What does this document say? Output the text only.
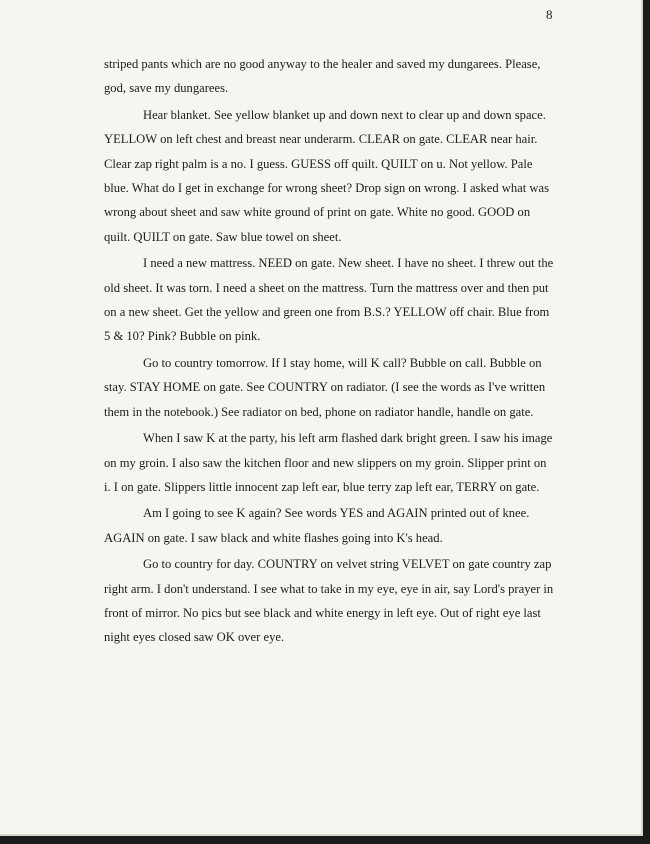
8

striped pants which are no good anyway to the healer and saved my dungarees. Please, god, save my dungarees.

Hear blanket. See yellow blanket up and down next to clear up and down space. YELLOW on left chest and breast near underarm. CLEAR on gate. CLEAR near hair. Clear zap right palm is a no. I guess. GUESS off quilt. QUILT on u. Not yellow. Pale blue. What do I get in exchange for wrong sheet? Drop sign on wrong. I asked what was wrong about sheet and saw white ground of print on gate. White no good. GOOD on quilt. QUILT on gate. Saw blue towel on sheet.

I need a new mattress. NEED on gate. New sheet. I have no sheet. I threw out the old sheet. It was torn. I need a sheet on the mattress. Turn the mattress over and then put on a new sheet. Get the yellow and green one from B.S.? YELLOW off chair. Blue from 5 & 10? Pink? Bubble on pink.

Go to country tomorrow. If I stay home, will K call? Bubble on call. Bubble on stay. STAY HOME on gate. See COUNTRY on radiator. (I see the words as I've written them in the notebook.) See radiator on bed, phone on radiator handle, handle on gate.

When I saw K at the party, his left arm flashed dark bright green. I saw his image on my groin. I also saw the kitchen floor and new slippers on my groin. Slipper print on i. I on gate. Slippers little innocent zap left ear, blue terry zap left ear, TERRY on gate.

Am I going to see K again? See words YES and AGAIN printed out of knee. AGAIN on gate. I saw black and white flashes going into K's head.

Go to country for day. COUNTRY on velvet string VELVET on gate country zap right arm. I don't understand. I see what to take in my eye, eye in air, say Lord's prayer in front of mirror. No pics but see black and white energy in left eye. Out of right eye last night eyes closed saw OK over eye.
